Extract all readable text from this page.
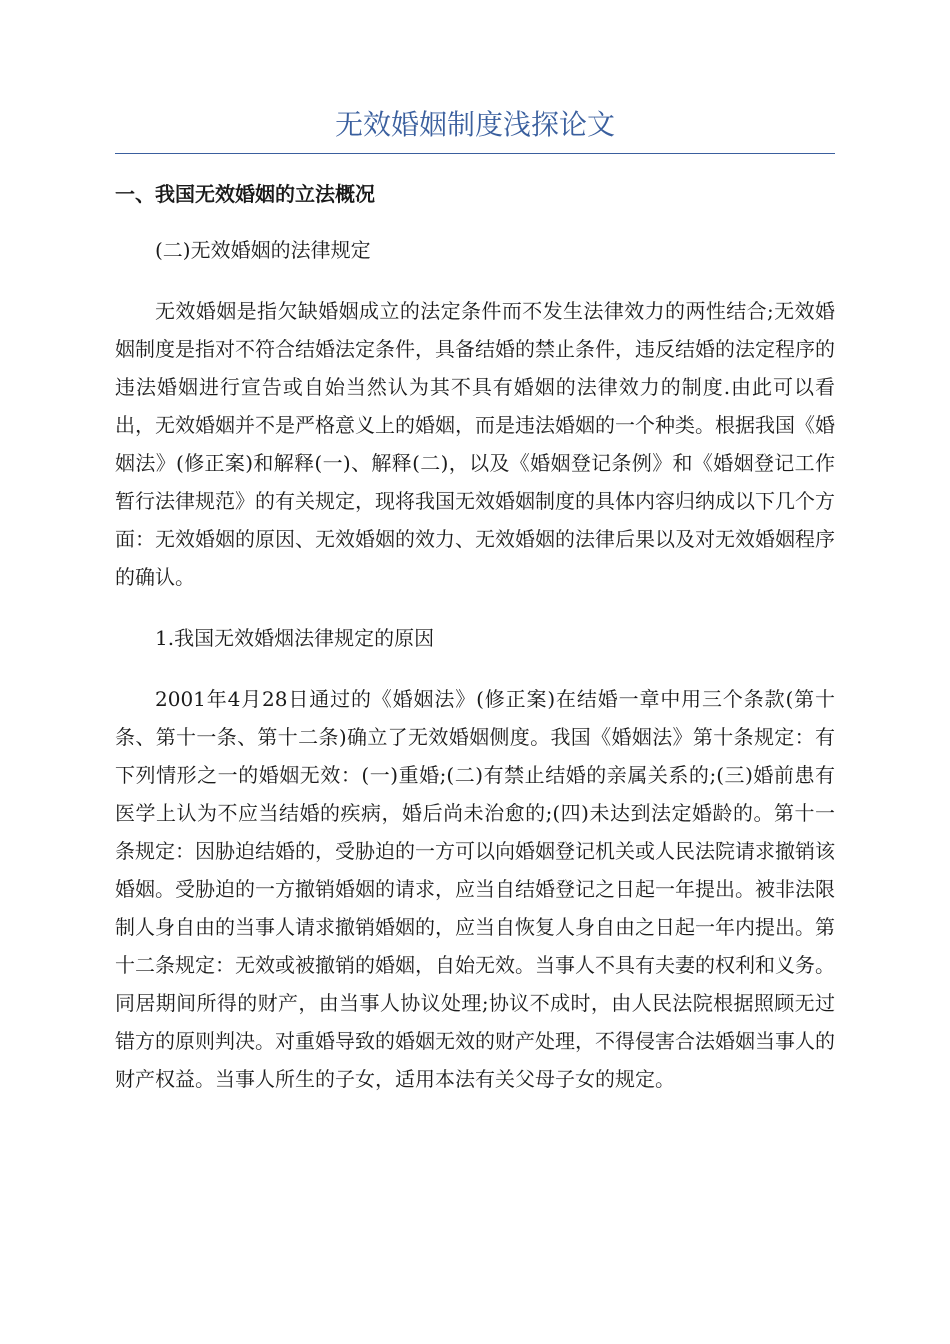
无效婚姻制度浅探论文
一、我国无效婚姻的立法概况

(二)无效婚姻的法律规定

无效婚姻是指欠缺婚姻成立的法定条件而不发生法律效力的两性结合;无效婚姻制度是指对不符合结婚法定条件，具备结婚的禁止条件，违反结婚的法定程序的违法婚姻进行宣告或自始当然认为其不具有婚姻的法律效力的制度.由此可以看出，无效婚姻并不是严格意义上的婚姻，而是违法婚姻的一个种类。根据我国《婚姻法》(修正案)和解释(一)、解释(二)，以及《婚姻登记条例》和《婚姻登记工作暂行法律规范》的有关规定，现将我国无效婚姻制度的具体内容归纳成以下几个方面：无效婚姻的原因、无效婚姻的效力、无效婚姻的法律后果以及对无效婚姻程序的确认。

1.我国无效婚烟法律规定的原因

2001年4月28日通过的《婚姻法》(修正案)在结婚一章中用三个条款(第十条、第十一条、第十二条)确立了无效婚姻侧度。我国《婚姻法》第十条规定：有下列情形之一的婚姻无效：(一)重婚;(二)有禁止结婚的亲属关系的;(三)婚前患有医学上认为不应当结婚的疾病，婚后尚未治愈的;(四)未达到法定婚龄的。第十一条规定：因胁迫结婚的，受胁迫的一方可以向婚姻登记机关或人民法院请求撤销该婚姻。受胁迫的一方撤销婚姻的请求，应当自结婚登记之日起一年提出。被非法限制人身自由的当事人请求撤销婚姻的，应当自恢复人身自由之日起一年内提出。第十二条规定：无效或被撤销的婚姻，自始无效。当事人不具有夫妻的权利和义务。同居期间所得的财产，由当事人协议处理;协议不成时，由人民法院根据照顾无过错方的原则判决。对重婚导致的婚姻无效的财产处理，不得侵害合法婚姻当事人的财产权益。当事人所生的子女，适用本法有关父母子女的规定。
